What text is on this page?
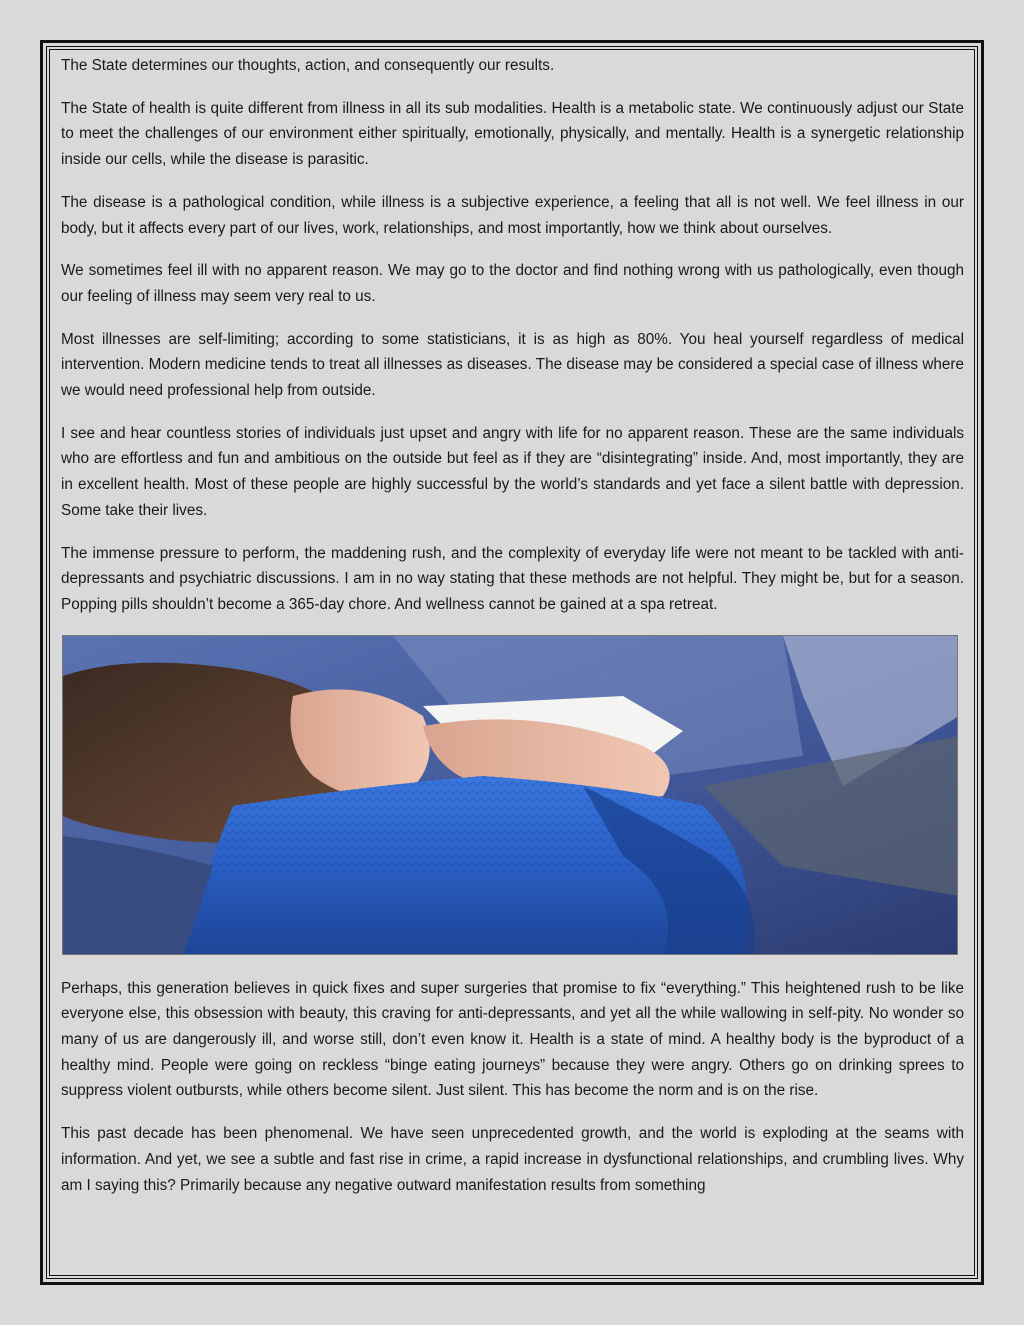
The State determines our thoughts, action, and consequently our results.

The State of health is quite different from illness in all its sub modalities. Health is a metabolic state. We continuously adjust our State to meet the challenges of our environment either spiritually, emotionally, physically, and mentally. Health is a synergetic relationship inside our cells, while the disease is parasitic.

The disease is a pathological condition, while illness is a subjective experience, a feeling that all is not well. We feel illness in our body, but it affects every part of our lives, work, relationships, and most importantly, how we think about ourselves.

We sometimes feel ill with no apparent reason. We may go to the doctor and find nothing wrong with us pathologically, even though our feeling of illness may seem very real to us.

Most illnesses are self-limiting; according to some statisticians, it is as high as 80%. You heal yourself regardless of medical intervention. Modern medicine tends to treat all illnesses as diseases. The disease may be considered a special case of illness where we would need professional help from outside.

I see and hear countless stories of individuals just upset and angry with life for no apparent reason. These are the same individuals who are effortless and fun and ambitious on the outside but feel as if they are “disintegrating” inside. And, most importantly, they are in excellent health. Most of these people are highly successful by the world’s standards and yet face a silent battle with depression. Some take their lives.

The immense pressure to perform, the maddening rush, and the complexity of everyday life were not meant to be tackled with anti-depressants and psychiatric discussions. I am in no way stating that these methods are not helpful. They might be, but for a season. Popping pills shouldn’t become a 365-day chore. And wellness cannot be gained at a spa retreat.

Perhaps, this generation believes in quick fixes and super surgeries that promise to fix “everything.” This heightened rush to be like everyone else, this obsession with beauty, this craving for anti-depressants, and yet all the while wallowing in self-pity. No wonder so many of us are dangerously ill, and worse still, don’t even know it. Health is a state of mind. A healthy body is the byproduct of a healthy mind. People were going on reckless “binge eating journeys” because they were angry. Others go on drinking sprees to suppress violent outbursts, while others become silent. Just silent. This has become the norm and is on the rise.

This past decade has been phenomenal. We have seen unprecedented growth, and the world is exploding at the seams with information. And yet, we see a subtle and fast rise in crime, a rapid increase in dysfunctional relationships, and crumbling lives. Why am I saying this? Primarily because any negative outward manifestation results from something
